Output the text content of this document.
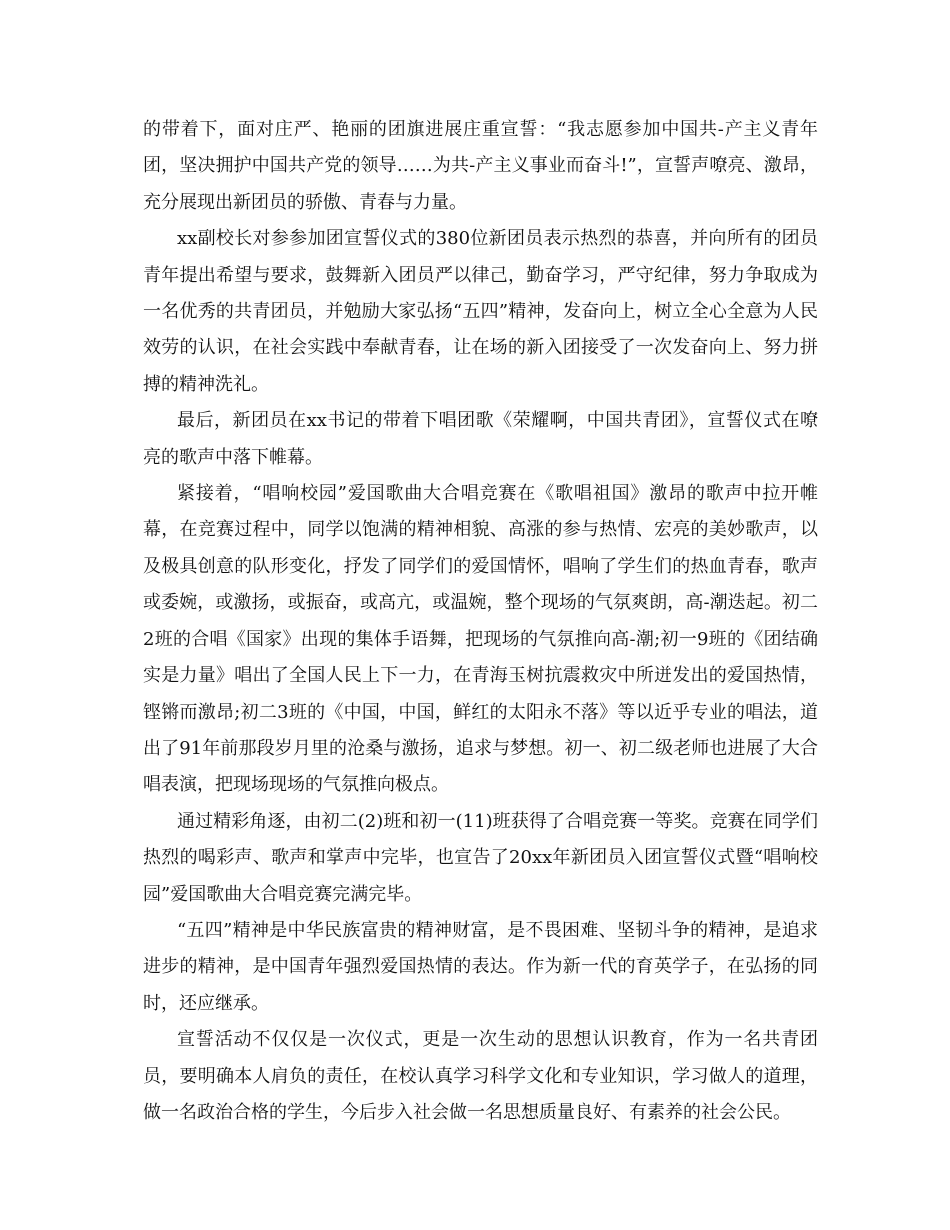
的带着下，面对庄严、艳丽的团旗进展庄重宣誓：“我志愿参加中国共-产主义青年团，坚决拥护中国共产党的领导……为共-产主义事业而奋斗!”，宣誓声嘹亮、激昂，充分展现出新团员的骄傲、青春与力量。

xx副校长对参参加团宣誓仪式的380位新团员表示热烈的恭喜，并向所有的团员青年提出希望与要求，鼓舞新入团员严以律己，勤奋学习，严守纪律，努力争取成为一名优秀的共青团员，并勉励大家弘扬“五四”精神，发奋向上，树立全心全意为人民效劳的认识，在社会实践中奉献青春，让在场的新入团接受了一次发奋向上、努力拼搏的精神洗礼。

最后，新团员在xx书记的带着下唱团歌《荣耀啊，中国共青团》，宣誓仪式在嘹亮的歌声中落下帷幕。

紧接着，“唱响校园”爱国歌曲大合唱竞赛在《歌唱祖国》激昂的歌声中拉开帷幕，在竞赛过程中，同学以饱满的精神相貌、高涨的参与热情、宏亮的美妙歌声，以及极具创意的队形变化，抒发了同学们的爱国情怀，唱响了学生们的热血青春，歌声或委婉，或激扬，或振奋，或高亢，或温婉，整个现场的气氛爽朗，高-潮迭起。初二2班的合唱《国家》出现的集体手语舞，把现场的气氛推向高-潮;初一9班的《团结确实是力量》唱出了全国人民上下一力，在青海玉树抗震救灾中所迸发出的爱国热情，铿锵而激昂;初二3班的《中国，中国，鲜红的太阳永不落》等以近乎专业的唱法，道出了91年前那段岁月里的沧桑与激扬，追求与梦想。初一、初二级老师也进展了大合唱表演，把现场现场的气氛推向极点。

通过精彩角逐，由初二(2)班和初一(11)班获得了合唱竞赛一等奖。竞赛在同学们热烈的喝彩声、歌声和掌声中完毕，也宣告了20xx年新团员入团宣誓仪式暨“唱响校园”爱国歌曲大合唱竞赛完满完毕。

“五四”精神是中华民族富贵的精神财富，是不畏困难、坚韧斗争的精神，是追求进步的精神，是中国青年强烈爱国热情的表达。作为新一代的育英学子，在弘扬的同时，还应继承。

宣誓活动不仅仅是一次仪式，更是一次生动的思想认识教育，作为一名共青团员，要明确本人肩负的责任，在校认真学习科学文化和专业知识，学习做人的道理，做一名政治合格的学生，今后步入社会做一名思想质量良好、有素养的社会公民。
